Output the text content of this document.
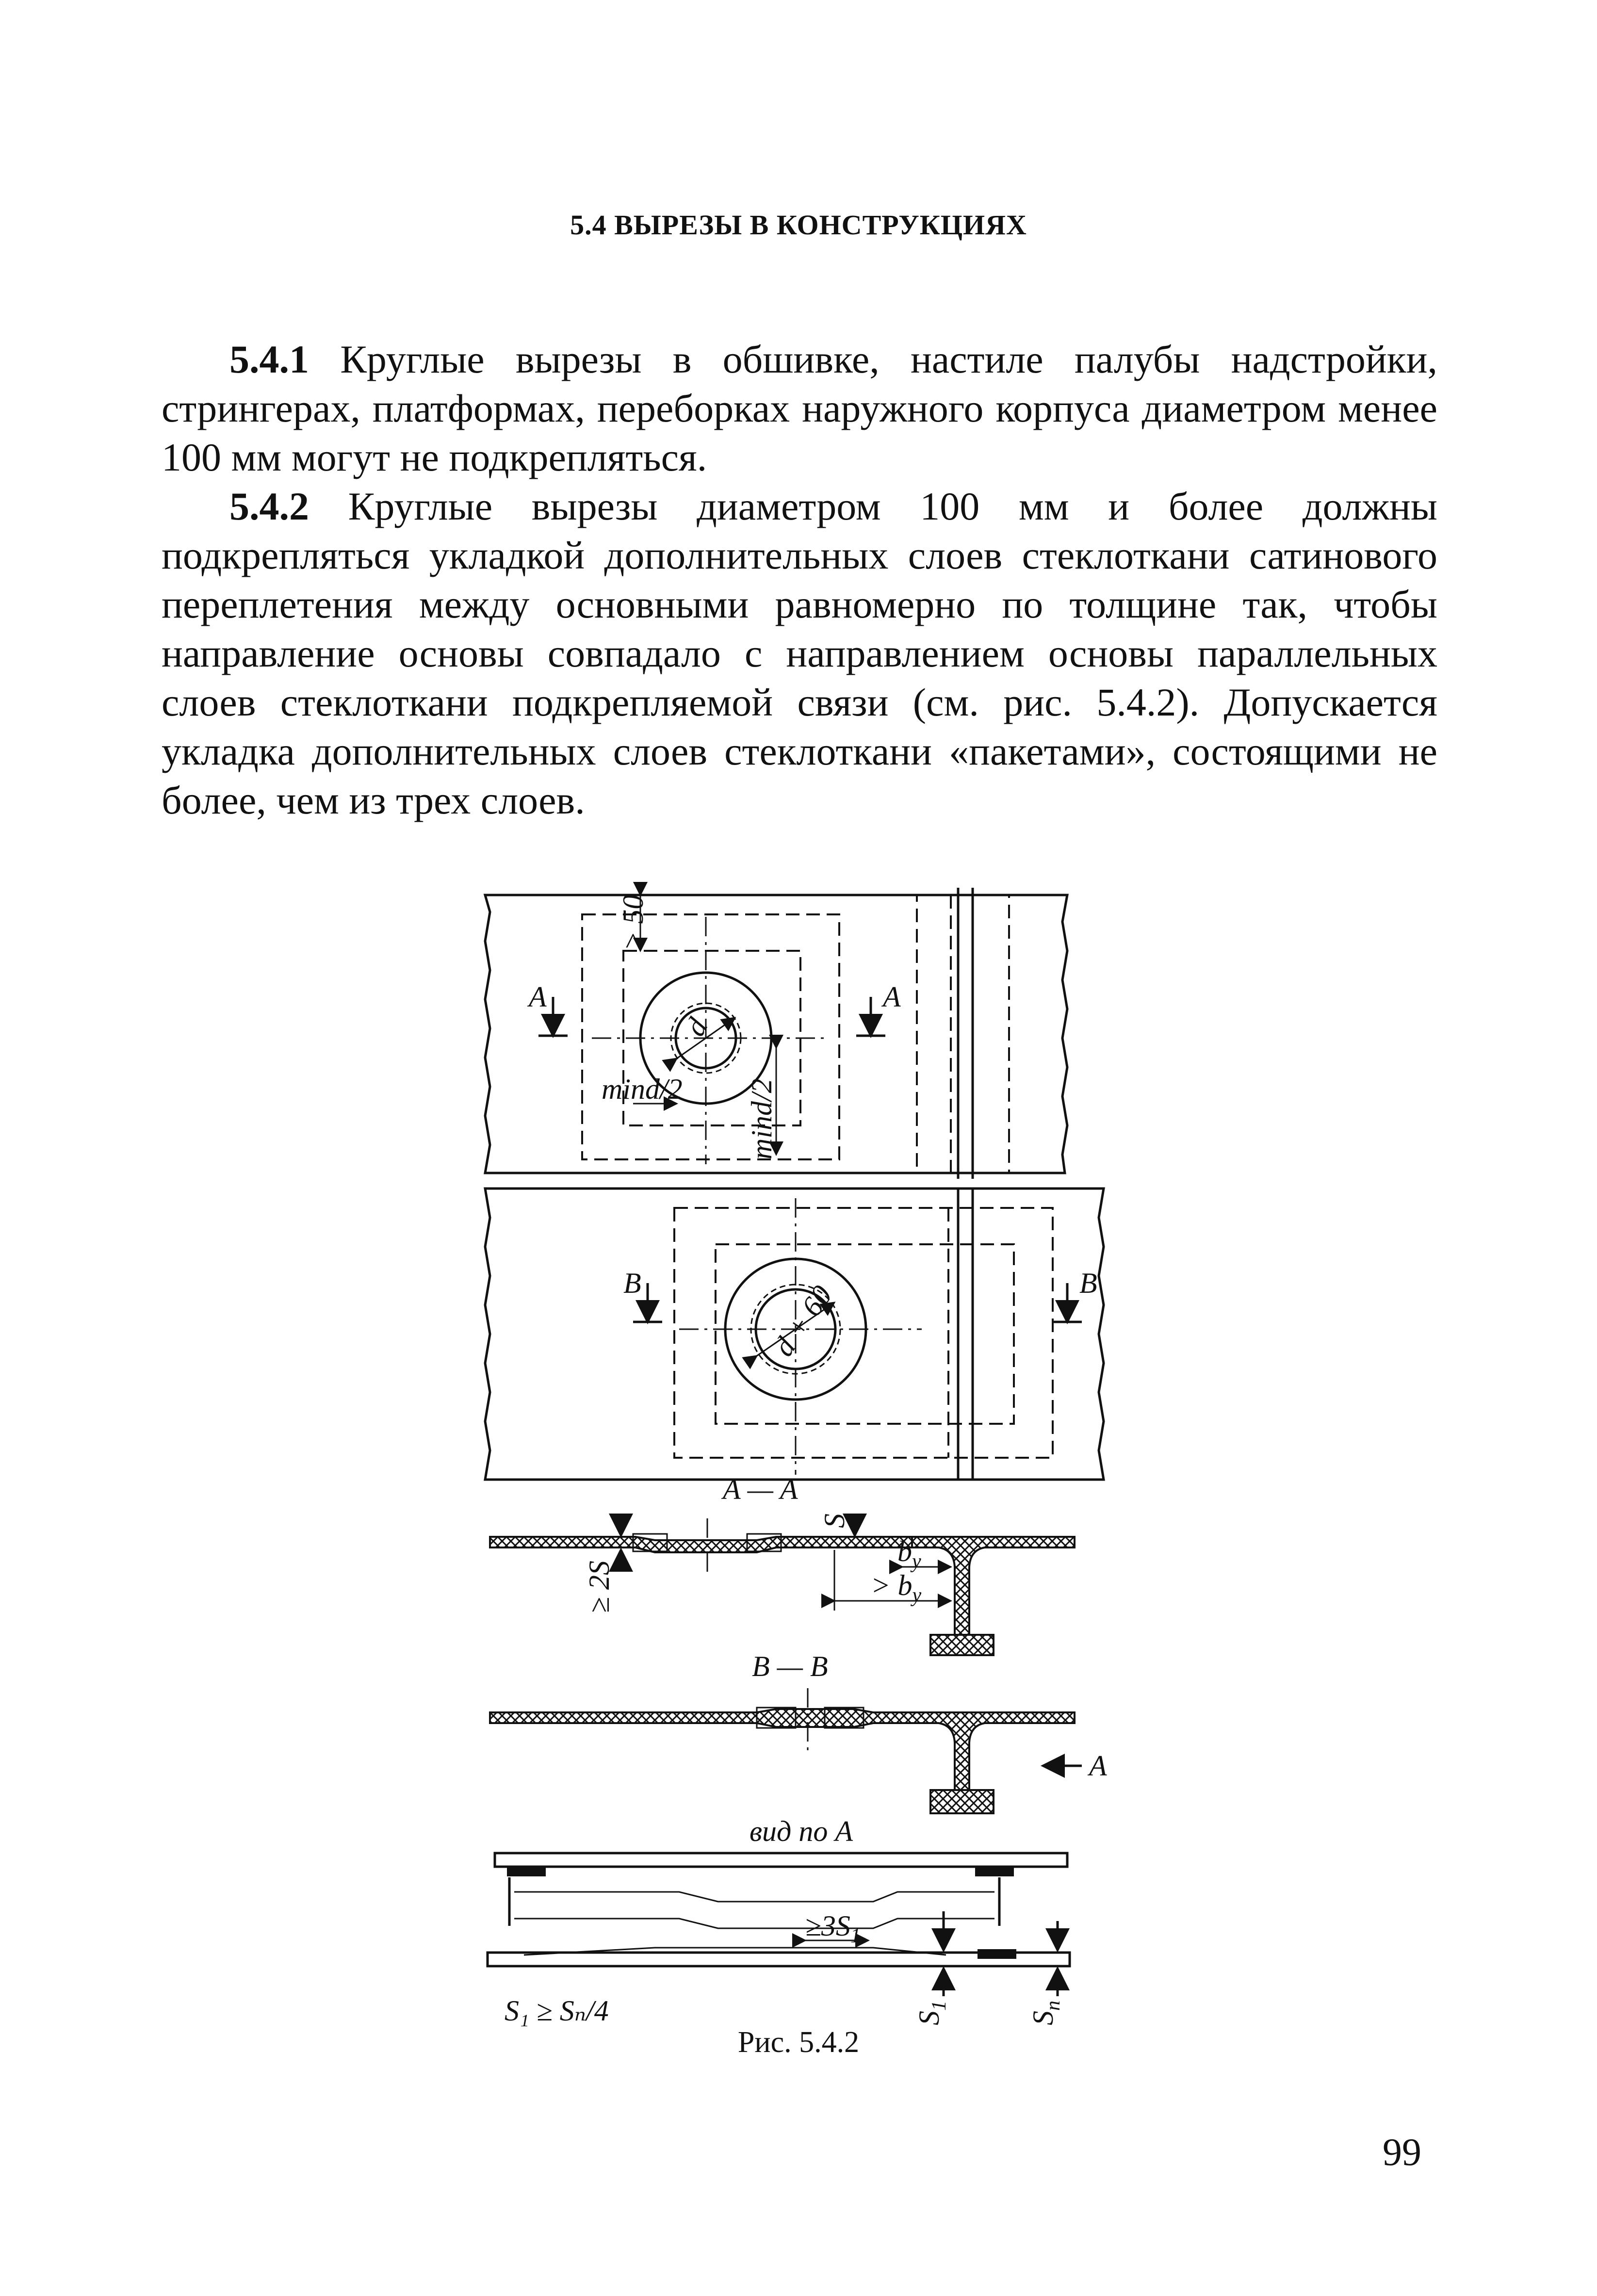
5.4 ВЫРЕЗЫ В КОНСТРУКЦИЯХ

5.4.1 Круглые вырезы в обшивке, настиле палубы надстройки, стрингерах, платформах, переборках наружного корпуса диаметром менее 100 мм могут не подкрепляться.

5.4.2 Круглые вырезы диаметром 100 мм и более должны подкрепляться укладкой дополнительных слоев стеклоткани сатинового переплетения между основными равномерно по толщине так, чтобы направление основы совпадало с направлением основы параллельных слоев стеклоткани подкрепляемой связи (см. рис. 5.4.2). Допускается укладка дополнительных слоев стеклоткани «пакетами», состоящими не более, чем из трех слоев.

> 50
d
A	A
mind/2 mind/2
d + 60
B	B
A — A
≥ 2S
S
$b_y$
> $b_y$
B — B
A
вид по А
$\ge 3S_1$
$S_1$
$S_n$
S₁ ≥ Sₙ/4
Рис. 5.4.2
99
